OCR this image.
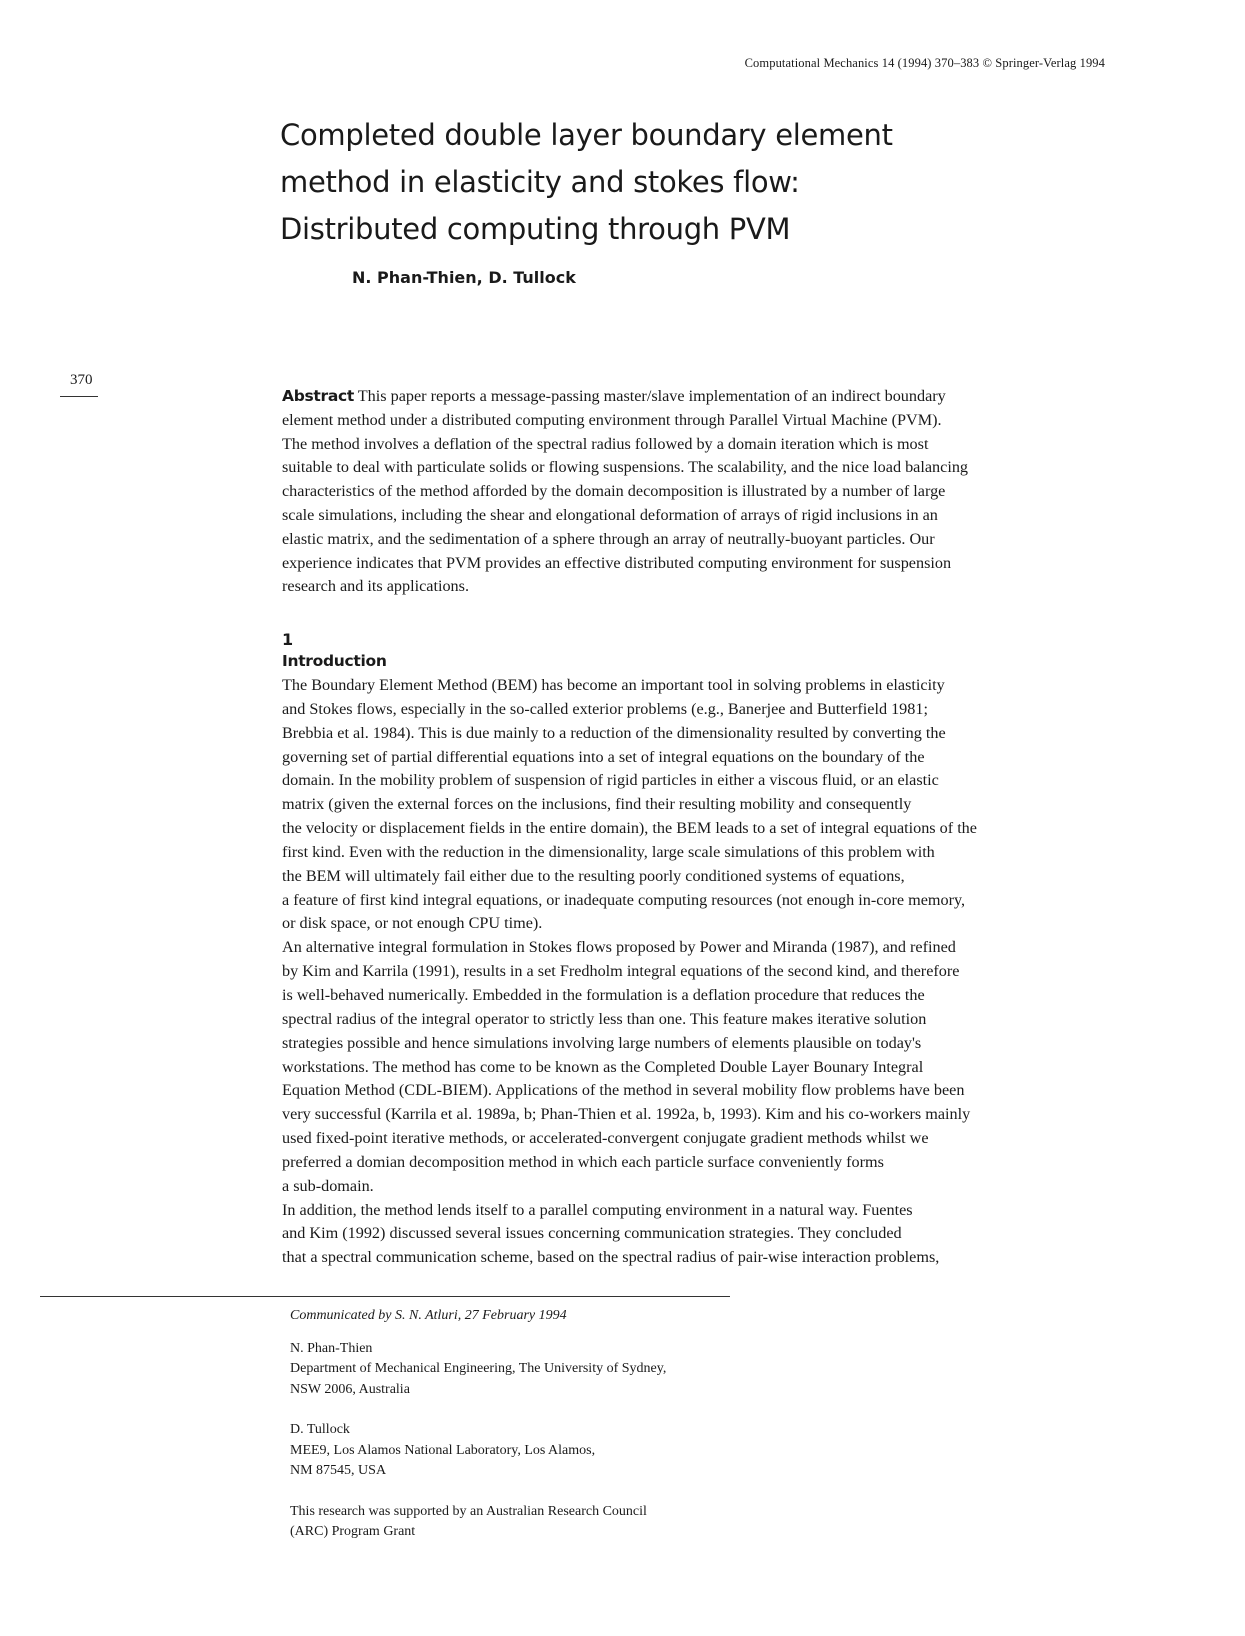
Computational Mechanics 14 (1994) 370–383 © Springer-Verlag 1994
Completed double layer boundary element
method in elasticity and stokes flow:
Distributed computing through PVM
N. Phan-Thien, D. Tullock
370
Abstract This paper reports a message-passing master/slave implementation of an indirect boundary
element method under a distributed computing environment through Parallel Virtual Machine (PVM).
The method involves a deflation of the spectral radius followed by a domain iteration which is most
suitable to deal with particulate solids or flowing suspensions. The scalability, and the nice load balancing
characteristics of the method afforded by the domain decomposition is illustrated by a number of large
scale simulations, including the shear and elongational deformation of arrays of rigid inclusions in an
elastic matrix, and the sedimentation of a sphere through an array of neutrally-buoyant particles. Our
experience indicates that PVM provides an effective distributed computing environment for suspension
research and its applications.
1
Introduction
The Boundary Element Method (BEM) has become an important tool in solving problems in elasticity
and Stokes flows, especially in the so-called exterior problems (e.g., Banerjee and Butterfield 1981;
Brebbia et al. 1984). This is due mainly to a reduction of the dimensionality resulted by converting the
governing set of partial differential equations into a set of integral equations on the boundary of the
domain. In the mobility problem of suspension of rigid particles in either a viscous fluid, or an elastic
matrix (given the external forces on the inclusions, find their resulting mobility and consequently
the velocity or displacement fields in the entire domain), the BEM leads to a set of integral equations of the
first kind. Even with the reduction in the dimensionality, large scale simulations of this problem with
the BEM will ultimately fail either due to the resulting poorly conditioned systems of equations,
a feature of first kind integral equations, or inadequate computing resources (not enough in-core memory,
or disk space, or not enough CPU time).
An alternative integral formulation in Stokes flows proposed by Power and Miranda (1987), and refined
by Kim and Karrila (1991), results in a set Fredholm integral equations of the second kind, and therefore
is well-behaved numerically. Embedded in the formulation is a deflation procedure that reduces the
spectral radius of the integral operator to strictly less than one. This feature makes iterative solution
strategies possible and hence simulations involving large numbers of elements plausible on today's
workstations. The method has come to be known as the Completed Double Layer Bounary Integral
Equation Method (CDL-BIEM). Applications of the method in several mobility flow problems have been
very successful (Karrila et al. 1989a, b; Phan-Thien et al. 1992a, b, 1993). Kim and his co-workers mainly
used fixed-point iterative methods, or accelerated-convergent conjugate gradient methods whilst we
preferred a domian decomposition method in which each particle surface conveniently forms
a sub-domain.
In addition, the method lends itself to a parallel computing environment in a natural way. Fuentes
and Kim (1992) discussed several issues concerning communication strategies. They concluded
that a spectral communication scheme, based on the spectral radius of pair-wise interaction problems,
Communicated by S. N. Atluri, 27 February 1994
N. Phan-Thien
Department of Mechanical Engineering, The University of Sydney,
NSW 2006, Australia
D. Tullock
MEE9, Los Alamos National Laboratory, Los Alamos,
NM 87545, USA
This research was supported by an Australian Research Council
(ARC) Program Grant
